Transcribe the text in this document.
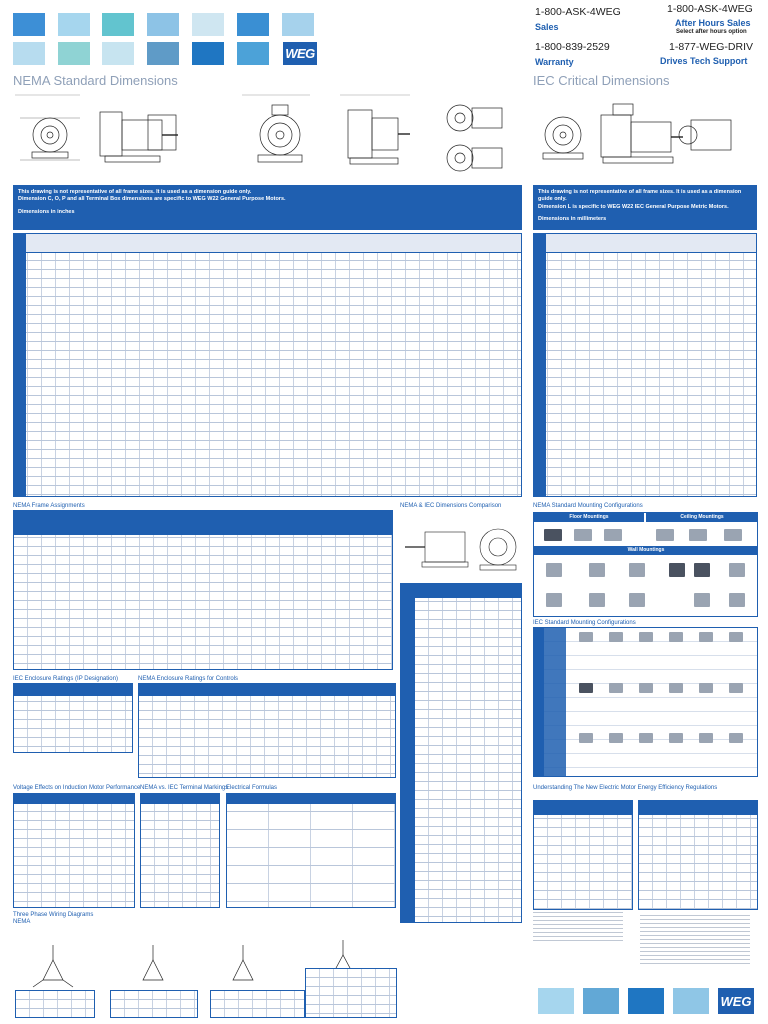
WEG
1-800-ASK-4WEG
Sales
1-800-ASK-4WEG
After Hours Sales
Select after hours option
1-800-839-2529
Warranty
1-877-WEG-DRIV
Drives Tech Support
NEMA Standard Dimensions	IEC Critical Dimensions
This drawing is not representative of all frame sizes. It is used as a dimension guide only.
Dimension C, O, P and all Terminal Box dimensions are specific to WEG W22 General Purpose Motors.
Dimensions in inches
This drawing is not representative of all frame sizes. It is used as a dimension guide only.
Dimension L is specific to WEG W22 IEC General Purpose Metric Motors.
Dimensions in millimeters
NEMA Frame Assignments	NEMA & IEC Dimensions Comparison	NEMA Standard Mounting Configurations
Floor Mountings	Ceiling Mountings
Wall Mountings
IEC Standard Mounting Configurations
IEC Enclosure Ratings (IP Designation)	NEMA Enclosure Ratings for Controls
Voltage Effects on Induction Motor Performance NEMA vs. IEC Terminal Markings
Electrical Formulas	Understanding The New Electric Motor Energy Efficiency Regulations
Three Phase Wiring Diagrams
NEMA
WEG
